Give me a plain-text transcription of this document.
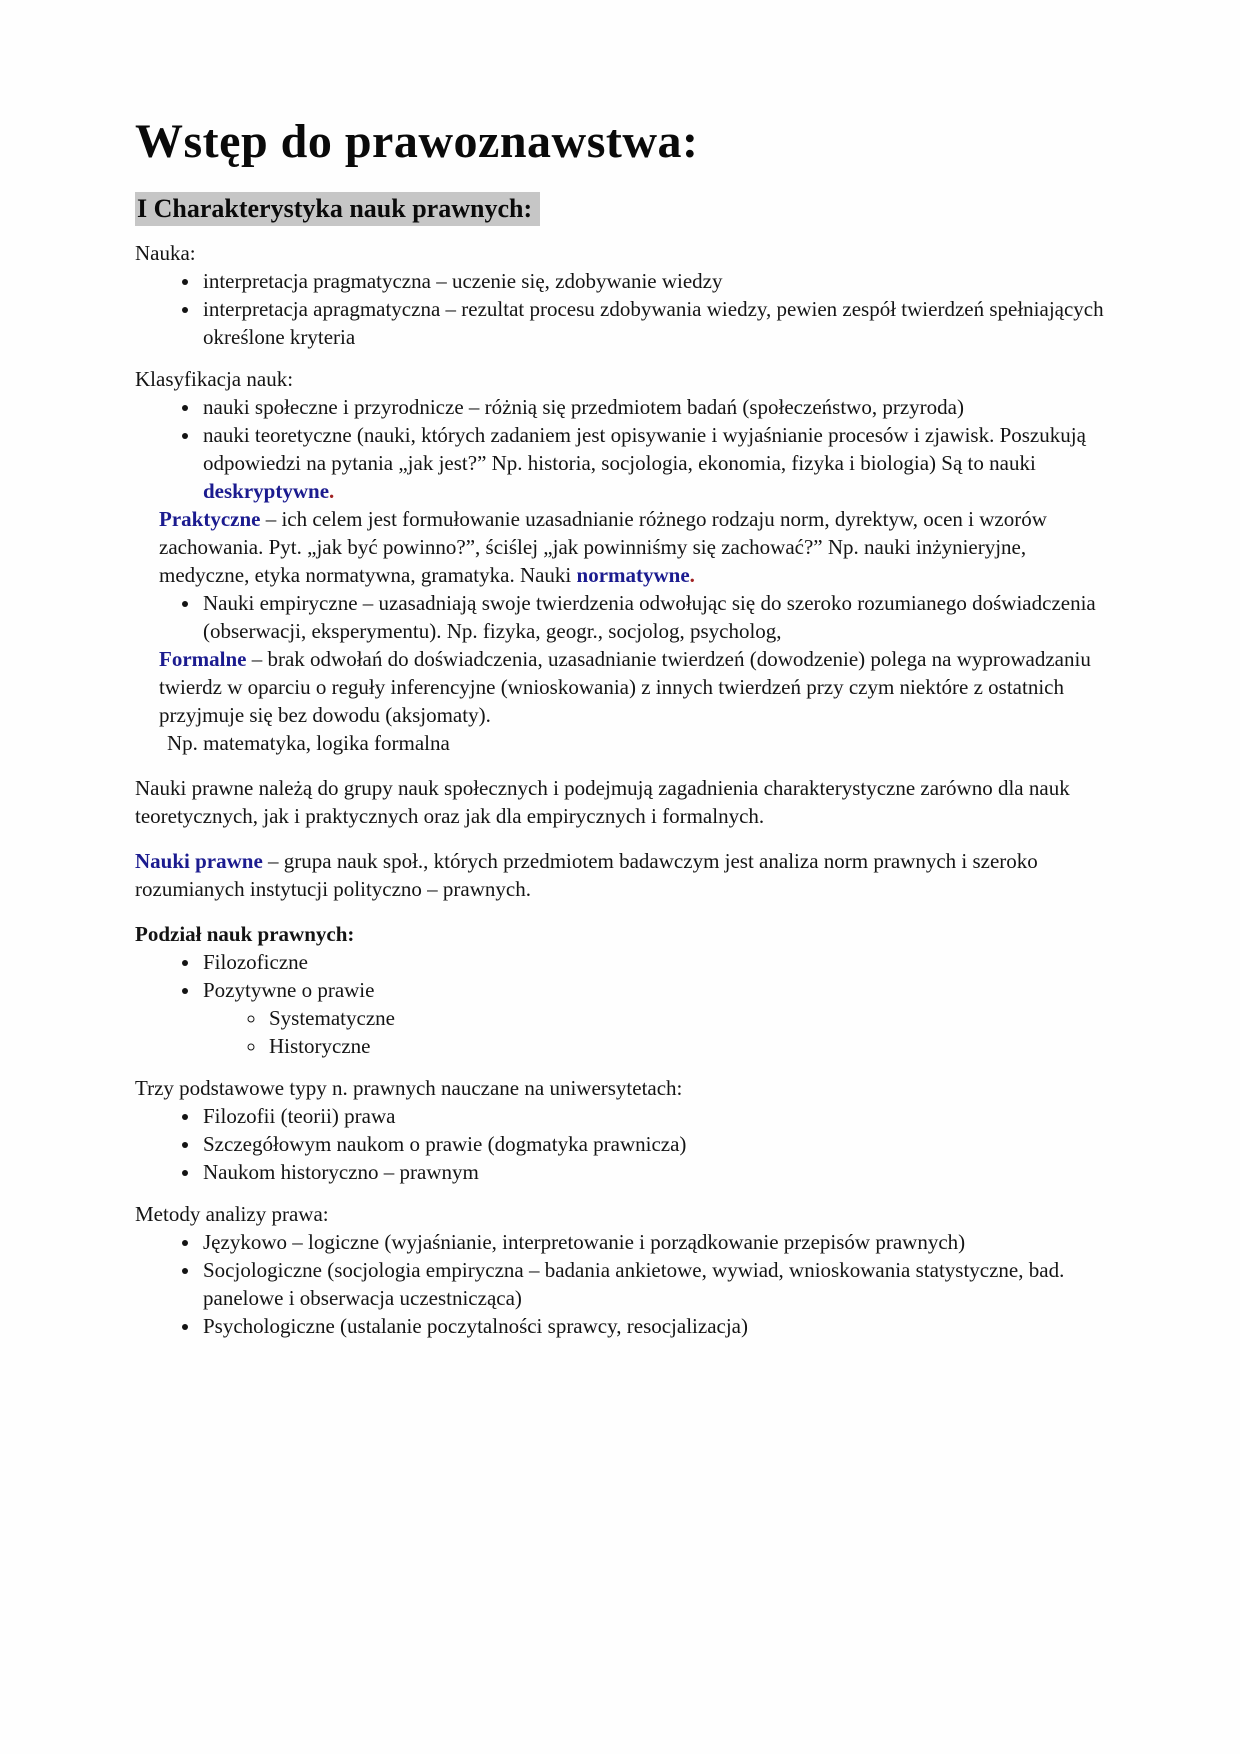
Wstęp do prawoznawstwa:
I Charakterystyka nauk prawnych:

Nauka:

• interpretacja pragmatyczna – uczenie się, zdobywanie wiedzy
• interpretacja apragmatyczna – rezultat procesu zdobywania wiedzy, pewien zespół twierdzeń spełniających określone kryteria

Klasyfikacja nauk:

• nauki społeczne i przyrodnicze – różnią się przedmiotem badań (społeczeństwo, przyroda)
• nauki teoretyczne (nauki, których zadaniem jest opisywanie i wyjaśnianie procesów i zjawisk. Poszukują odpowiedzi na pytania „jak jest?” Np. historia, socjologia, ekonomia, fizyka i biologia) Są to nauki deskryptywne.

Praktyczne – ich celem jest formułowanie uzasadnianie różnego rodzaju norm, dyrektyw, ocen i wzorów zachowania. Pyt. „jak być powinno?”, ściślej „jak powinniśmy się zachować?” Np. nauki inżynieryjne, medyczne, etyka normatywna, gramatyka. Nauki normatywne.

• Nauki empiryczne – uzasadniają swoje twierdzenia odwołując się do szeroko rozumianego doświadczenia (obserwacji, eksperymentu). Np. fizyka, geogr., socjolog, psycholog,

Formalne – brak odwołań do doświadczenia, uzasadnianie twierdzeń (dowodzenie) polega na wyprowadzaniu twierdz w oparciu o reguły inferencyjne (wnioskowania) z innych twierdzeń przy czym niektóre z ostatnich przyjmuje się bez dowodu (aksjomaty).

Np. matematyka, logika formalna

Nauki prawne należą do grupy nauk społecznych i podejmują zagadnienia charakterystyczne zarówno dla nauk teoretycznych, jak i praktycznych oraz jak dla empirycznych i formalnych.

Nauki prawne – grupa nauk społ., których przedmiotem badawczym jest analiza norm prawnych i szeroko rozumianych instytucji polityczno – prawnych.

Podział nauk prawnych:

• Filozoficzne
• Pozytywne o prawie
◦ Systematyczne
◦ Historyczne

Trzy podstawowe typy n. prawnych nauczane na uniwersytetach:

• Filozofii (teorii) prawa
• Szczegółowym naukom o prawie (dogmatyka prawnicza)
• Naukom historyczno – prawnym

Metody analizy prawa:

• Językowo – logiczne (wyjaśnianie, interpretowanie i porządkowanie przepisów prawnych)
• Socjologiczne (socjologia empiryczna – badania ankietowe, wywiad, wnioskowania statystyczne, bad. panelowe i obserwacja uczestnicząca)
• Psychologiczne (ustalanie poczytalności sprawcy, resocjalizacja)
